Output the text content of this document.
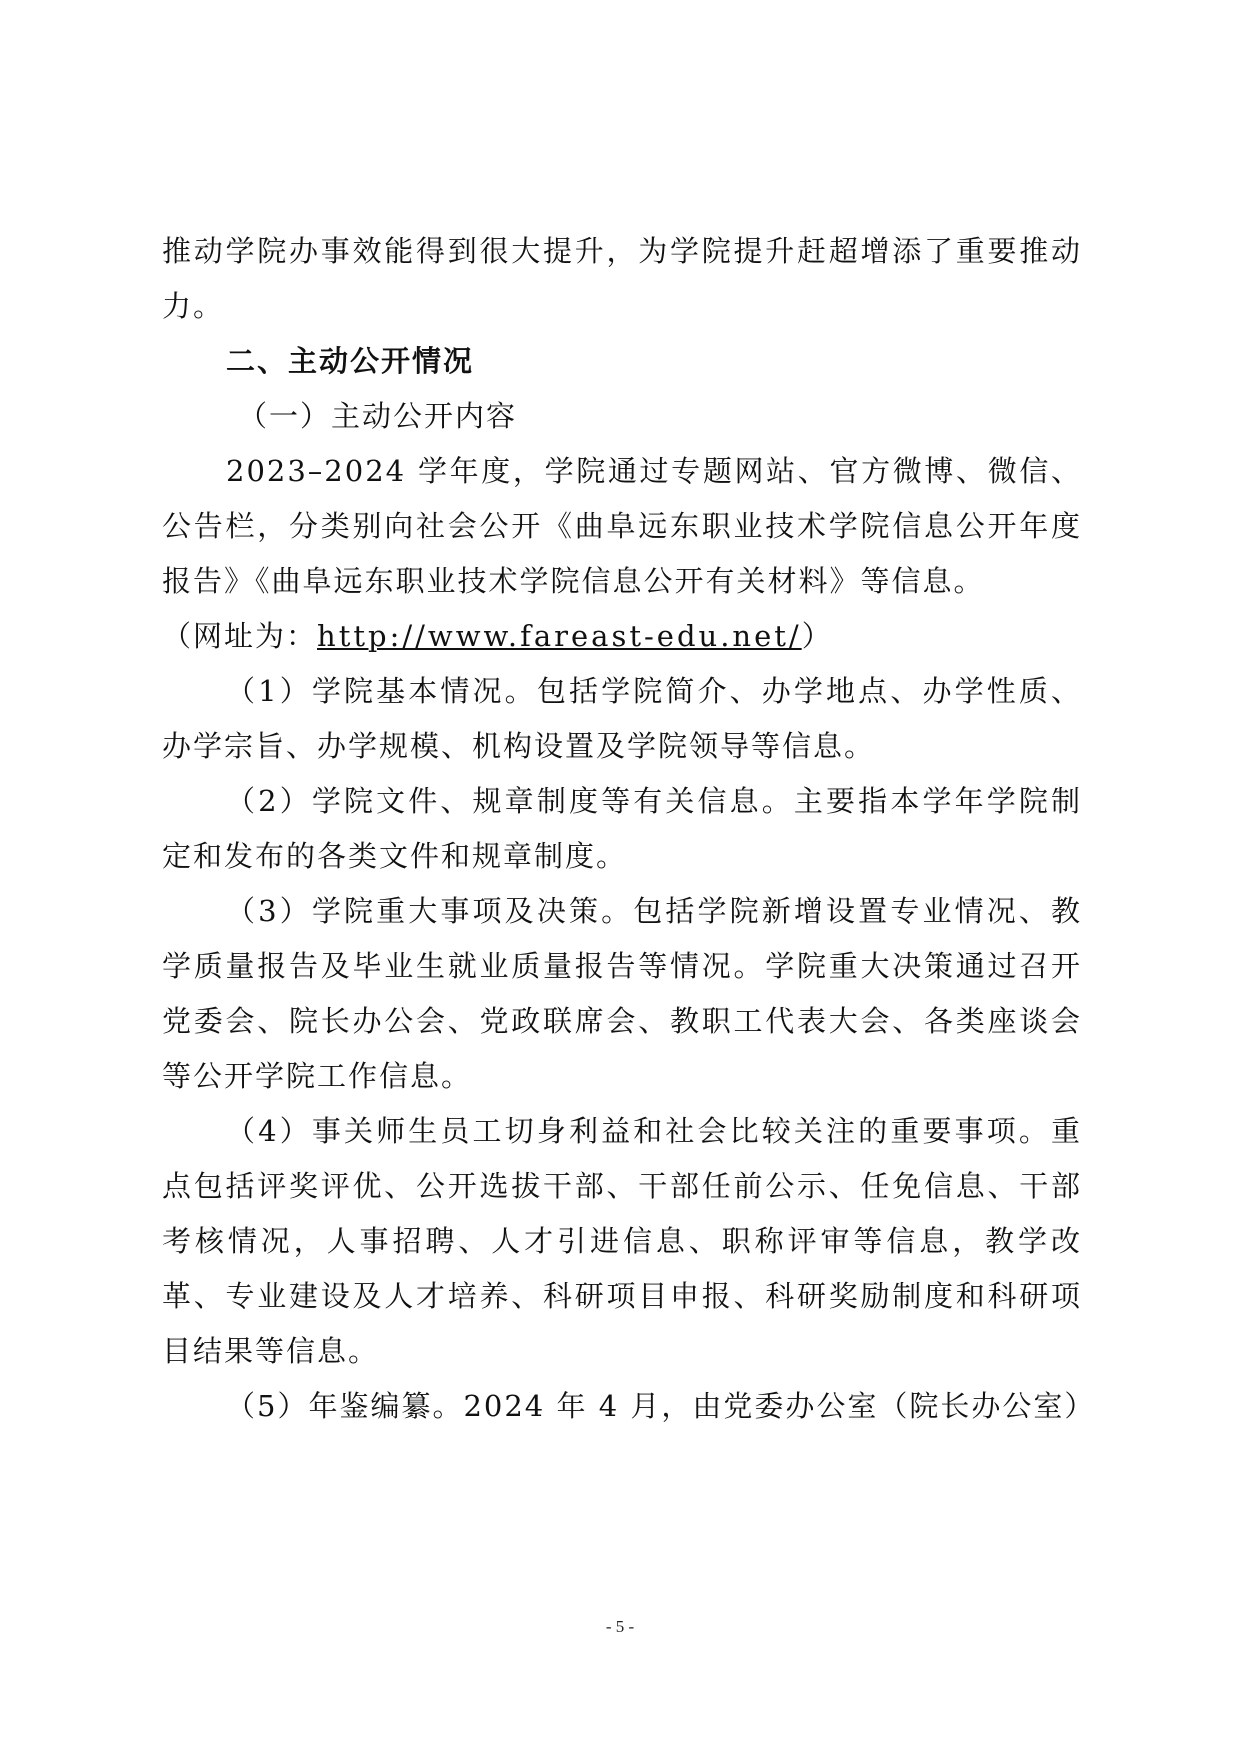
推动学院办事效能得到很大提升，为学院提升赶超增添了重要推动力。

二、主动公开情况

（一）主动公开内容

2023–2024 学年度，学院通过专题网站、官方微博、微信、公告栏，分类别向社会公开《曲阜远东职业技术学院信息公开年度报告》《曲阜远东职业技术学院信息公开有关材料》等信息。

（网址为：http://www.fareast-edu.net/）

（1）学院基本情况。包括学院简介、办学地点、办学性质、办学宗旨、办学规模、机构设置及学院领导等信息。

（2）学院文件、规章制度等有关信息。主要指本学年学院制定和发布的各类文件和规章制度。

（3）学院重大事项及决策。包括学院新增设置专业情况、教学质量报告及毕业生就业质量报告等情况。学院重大决策通过召开党委会、院长办公会、党政联席会、教职工代表大会、各类座谈会等公开学院工作信息。

（4）事关师生员工切身利益和社会比较关注的重要事项。重点包括评奖评优、公开选拔干部、干部任前公示、任免信息、干部考核情况，人事招聘、人才引进信息、职称评审等信息，教学改革、专业建设及人才培养、科研项目申报、科研奖励制度和科研项目结果等信息。

（5）年鉴编纂。2024 年 4 月，由党委办公室（院长办公室）

- 5 -
